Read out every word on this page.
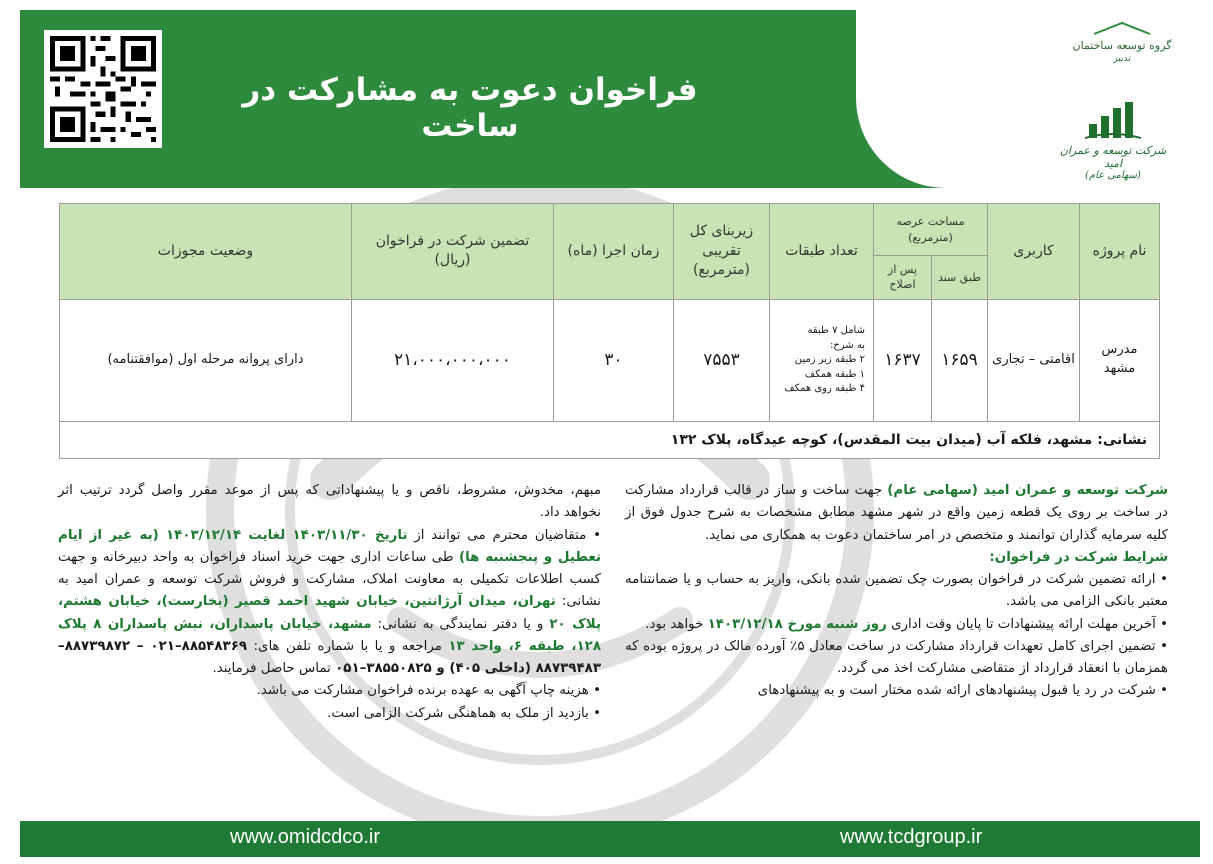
فراخوان دعوت به مشارکت در ساخت
گروه توسعه ساختمان
تدبیر
شرکت توسعه و عمران امید
(سهامی عام)
نام پروژه	کاربری	مساحت عرصه (مترمربع)		تعداد طبقات	زیربنای کل تقریبی (مترمربع)	زمان اجرا (ماه)	تضمین شرکت در فراخوان (ریال)	وضعیت مجوزات
		طبق سند	پس از اصلاح					
مدرس مشهد	اقامتی – تجاری	۱۶۵۹	۱۶۳۷	شامل ۷ طبقه
به شرح:
۲ طبقه زیر زمین
۱ طبقه همکف
۴ طبقه روی همکف	۷۵۵۳	۳۰	۲۱،۰۰۰،۰۰۰،۰۰۰	دارای پروانه مرحله اول (موافقتنامه)
نشانی: مشهد، فلکه آب (میدان بیت المقدس)، کوچه عیدگاه، پلاک ۱۳۲								

شرکت توسعه و عمران امید (سهامی عام) جهت ساخت و ساز در قالب قرارداد مشارکت در ساخت بر روی یک قطعه زمین واقع در شهر مشهد مطابق مشخصات به شرح جدول فوق از کلیه سرمایه گذاران توانمند و متخصص در امر ساختمان دعوت به همکاری می نماید.

شرایط شرکت در فراخوان:

• ارائه تضمین شرکت در فراخوان بصورت چک تضمین شده بانکی، واریز به حساب و یا ضمانتنامه معتبر بانکی الزامی می باشد.

• آخرین مهلت ارائه پیشنهادات تا پایان وقت اداری روز شنبه مورخ ۱۴۰۳/۱۲/۱۸ خواهد بود.

• تضمین اجرای کامل تعهدات قرارداد مشارکت در ساخت معادل ۵٪ آورده مالک در پروژه بوده که همزمان با انعقاد قرارداد از متقاضی مشارکت اخذ می گردد.

• شرکت در رد یا قبول پیشنهادهای ارائه شده مختار است و به پیشنهادهای

مبهم، مخدوش، مشروط، ناقص و یا پیشنهاداتی که پس از موعد مقرر واصل گردد ترتیب اثر نخواهد داد.

• متقاضیان محترم می توانند از تاریخ ۱۴۰۳/۱۱/۳۰ لغایت ۱۴۰۳/۱۲/۱۴ (به غیر از ایام تعطیل و پنجشنبه ها) طی ساعات اداری جهت خرید اسناد فراخوان به واحد دبیرخانه و جهت کسب اطلاعات تکمیلی به معاونت املاک، مشارکت و فروش شرکت توسعه و عمران امید به نشانی: تهران، میدان آرژانتین، خیابان شهید احمد قصیر (بخارست)، خیابان هشتم، پلاک ۲۰ و یا دفتر نمایندگی به نشانی: مشهد، خیابان پاسداران، نبش پاسداران ۸ پلاک ۱۲۸، طبقه ۶، واحد ۱۳ مراجعه و یا با شماره تلفن های: ۸۸۵۴۸۳۶۹–۰۲۱ – ۸۸۷۳۹۸۷۲–۸۸۷۳۹۴۸۳ (داخلی ۴۰۵) و ۳۸۵۵۰۸۲۵–۰۵۱ تماس حاصل فرمایند.

• هزینه چاپ آگهی به عهده برنده فراخوان مشارکت می باشد.

• بازدید از ملک به هماهنگی شرکت الزامی است.

www.omidcdco.ir	www.tcdgroup.ir
